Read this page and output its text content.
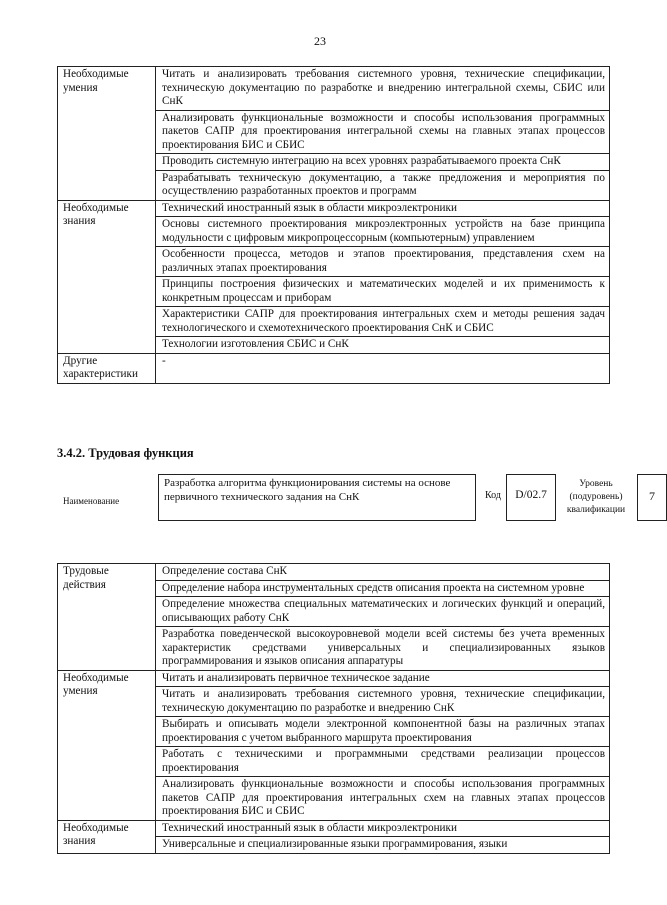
23
Необходимые умения	Читать и анализировать требования системного уровня, технические спецификации, техническую документацию по разработке и внедрению интегральной схемы, СБИС или СнК
	Анализировать функциональные возможности и способы использования программных пакетов САПР для проектирования интегральной схемы на главных этапах процессов проектирования БИС и СБИС
	Проводить системную интеграцию на всех уровнях разрабатываемого проекта СнК
	Разрабатывать техническую документацию, а также предложения и мероприятия по осуществлению разработанных проектов и программ
Необходимые знания	Технический иностранный язык в области микроэлектроники
	Основы системного проектирования микроэлектронных устройств на базе принципа модульности с цифровым микропроцессорным (компьютерным) управлением
	Особенности процесса, методов и этапов проектирования, представления схем на различных этапах проектирования
	Принципы построения физических и математических моделей и их применимость к конкретным процессам и приборам
	Характеристики САПР для проектирования интегральных схем и методы решения задач технологического и схемотехнического проектирования СнК и СБИС
	Технологии изготовления СБИС и СнК
Другие характеристики	-
3.4.2. Трудовая функция
Наименование
Разработка алгоритма функционирования системы на основе первичного технического задания на СнК	Код	D/02.7
Уровень (подуровень) квалификации
7
Трудовые действия	Определение состава СнК
	Определение набора инструментальных средств описания проекта на системном уровне
	Определение множества специальных математических и логических функций и операций, описывающих работу СнК
	Разработка поведенческой высокоуровневой модели всей системы без учета временных характеристик средствами универсальных и специализированных языков программирования и языков описания аппаратуры
Необходимые умения	Читать и анализировать первичное техническое задание
	Читать и анализировать требования системного уровня, технические спецификации, техническую документацию по разработке и внедрению СнК
	Выбирать и описывать модели электронной компонентной базы на различных этапах проектирования с учетом выбранного маршрута проектирования
	Работать с техническими и программными средствами реализации процессов проектирования
	Анализировать функциональные возможности и способы использования программных пакетов САПР для проектирования интегральных схем на главных этапах процессов проектирования БИС и СБИС
Необходимые знания	Технический иностранный язык в области микроэлектроники
	Универсальные и специализированные языки программирования, языки
